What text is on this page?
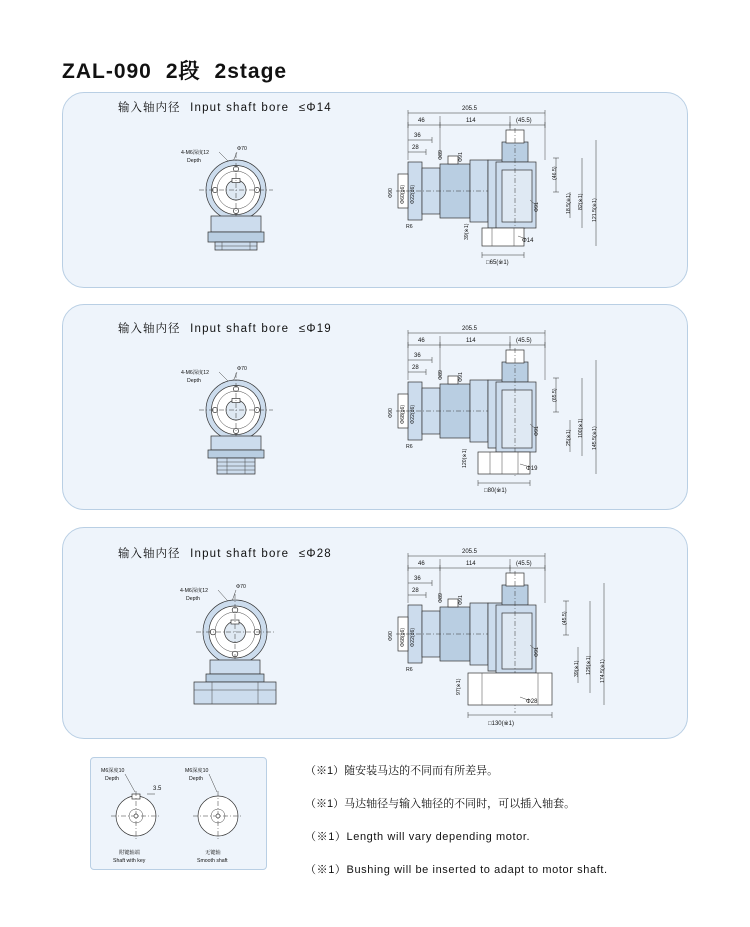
ZAL-090 2段 2stage
输入轴内径 Input shaft bore ≤Φ14
4-M6深度12
Depth
Φ70
205.5
46	114	(45.5)
36
28
Φ90 Φ60(g6) Φ22(d6)
R6
Φ89	Φ91
Φ91
39(※1)
□65(※1)
Φ14
(46.5)
18.5(※1) 82(※1) 121.5(※1)
输入轴内径 Input shaft bore ≤Φ19
4-M6深度12
Depth
Φ70
205.5
46	114	(45.5)
36
28
Φ90 Φ68(g6) Φ22(d6)
R6
Φ89	Φ91
Φ91
120(※1)
□80(※1)
Φ19
(65.5)
25(※1) 100(※1) 145.5(※1)
输入轴内径 Input shaft bore ≤Φ28
4-M6深度12
Depth
Φ70
205.5
46	114	(45.5)
36
28
Φ90 Φ68(g6) Φ22(d6)
R6
Φ89	Φ91
Φ91
97(※1)
□130(※1)
Φ28
(45.5)
39(※1) 129(※1) 174.5(※1)
M6深度10
Depth
M6深度10
Depth
3.5
附键轴端
Shaft with key
无键轴
Smooth shaft
（※1）随安装马达的不同而有所差异。
（※1）马达轴径与输入轴径的不同时，可以插入轴套。
（※1）Length will vary depending motor.
（※1）Bushing will be inserted to adapt to motor shaft.
